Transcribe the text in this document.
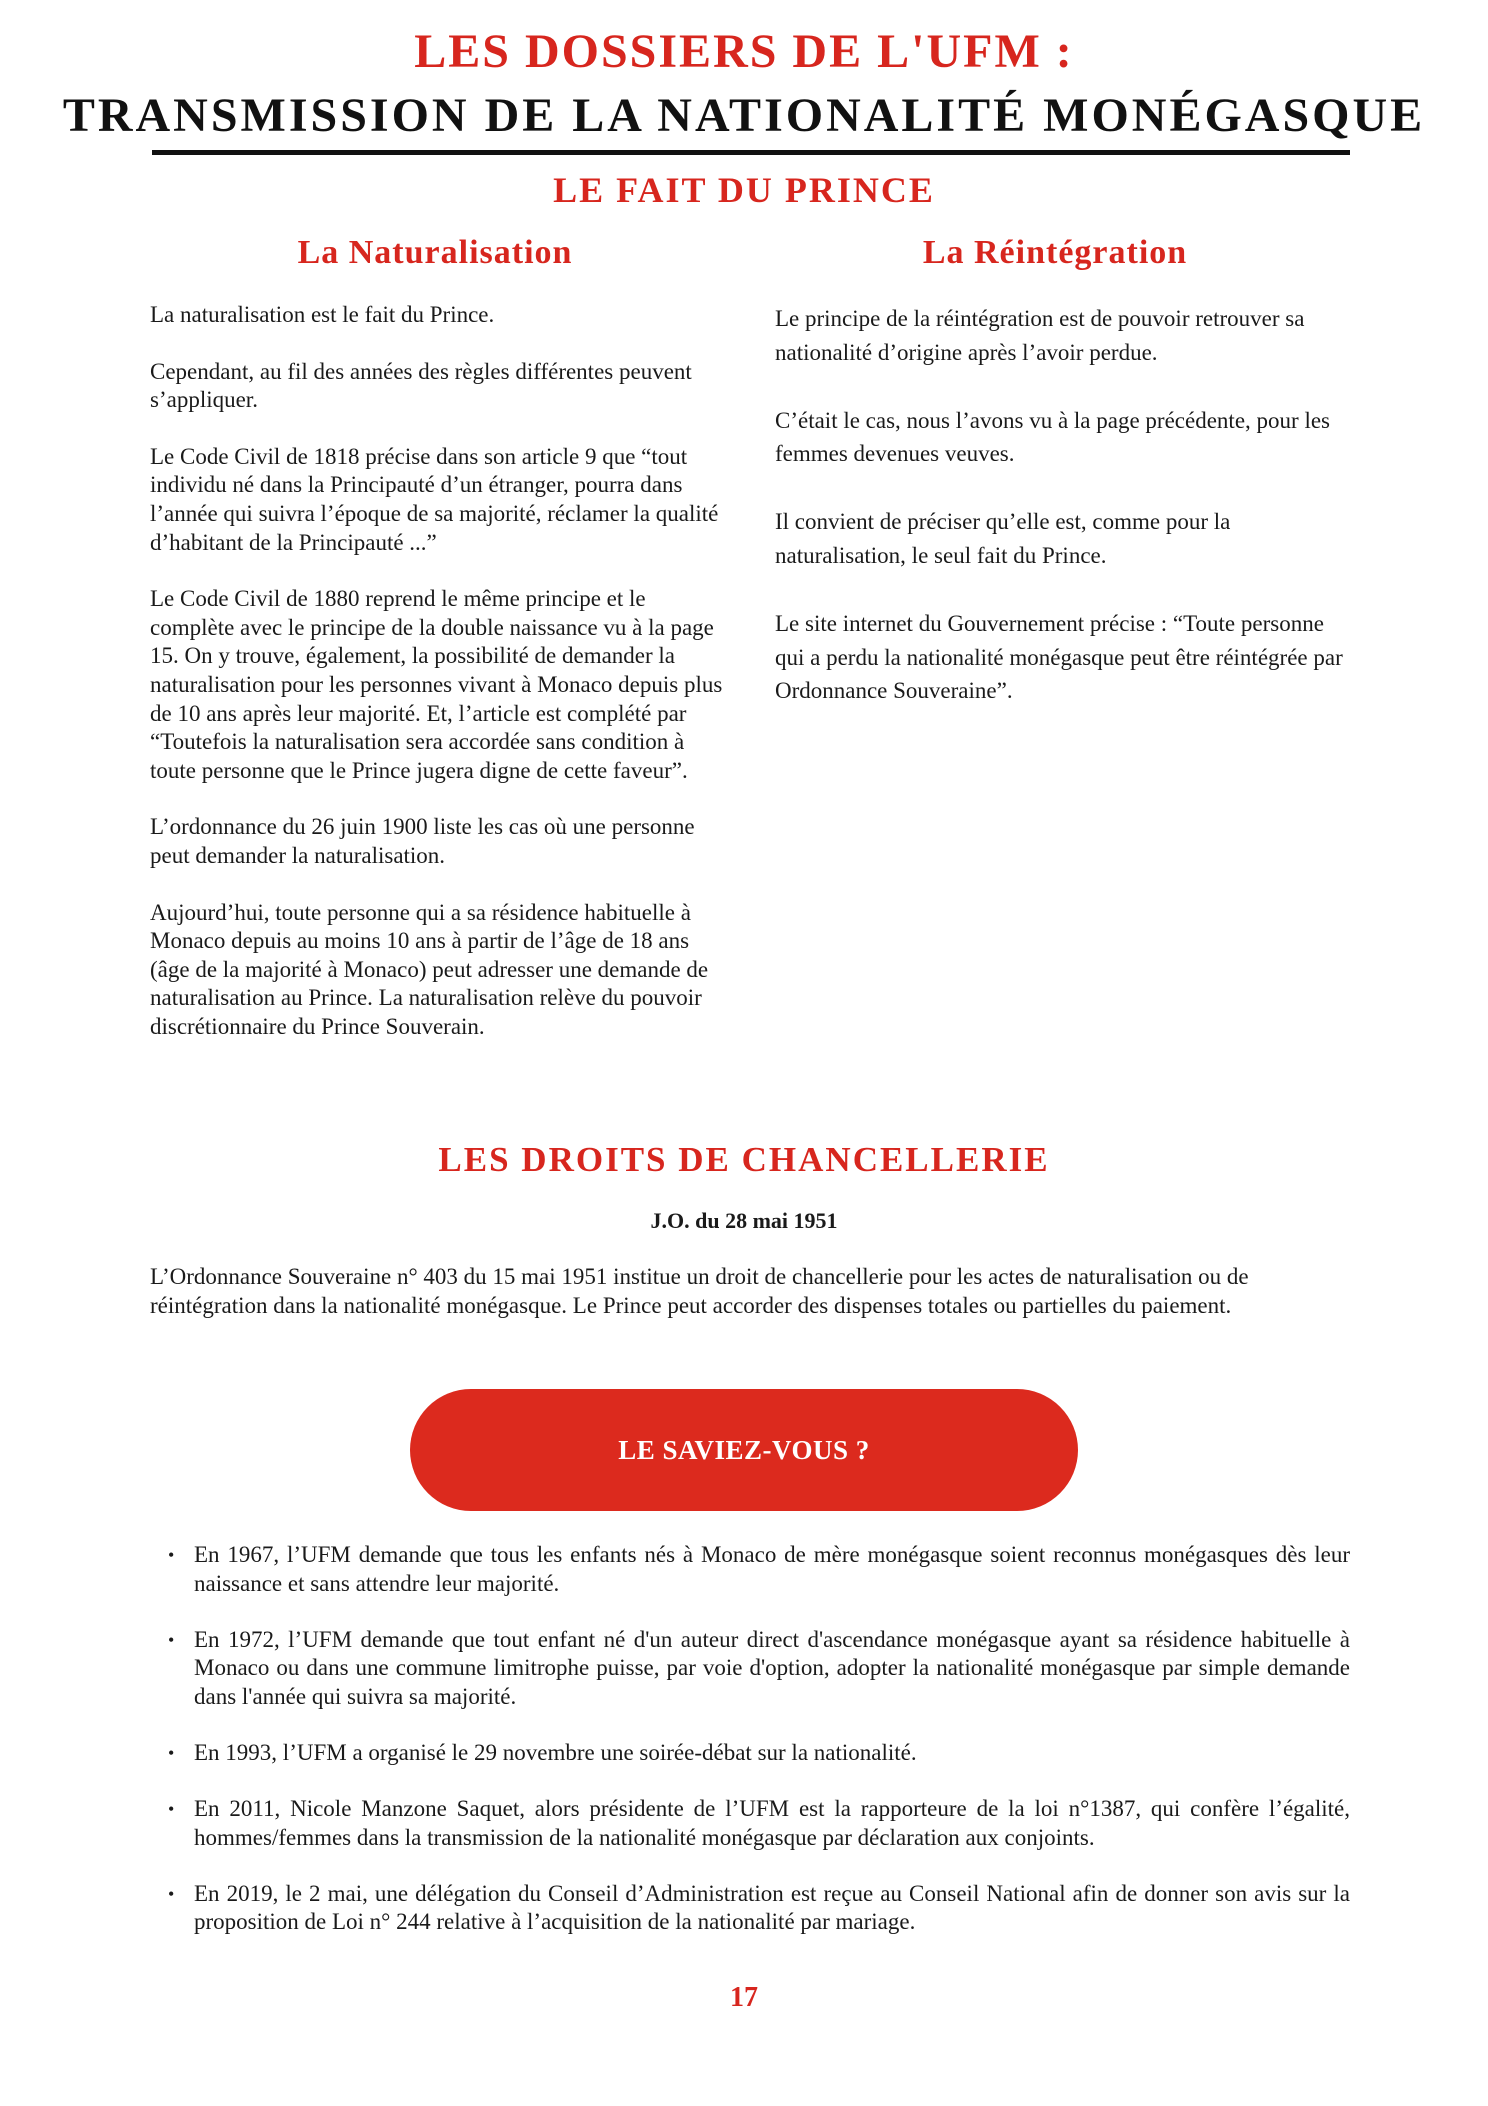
LES DOSSIERS DE L'UFM :
TRANSMISSION DE LA NATIONALITÉ MONÉGASQUE
LE FAIT DU PRINCE
La Naturalisation	La Réintégration

La naturalisation est le fait du Prince.

Cependant, au fil des années des règles différentes peuvent s’appliquer.

Le Code Civil de 1818 précise dans son article 9 que “tout individu né dans la Principauté d’un étranger, pourra dans l’année qui suivra l’époque de sa majorité, réclamer la qualité d’habitant de la Principauté ...”

Le Code Civil de 1880 reprend le même principe et le complète avec le principe de la double naissance vu à la page 15. On y trouve, également, la possibilité de demander la naturalisation pour les personnes vivant à Monaco depuis plus de 10 ans après leur majorité. Et, l’article est complété par “Toutefois la naturalisation sera accordée sans condition à toute personne que le Prince jugera digne de cette faveur”.

L’ordonnance du 26 juin 1900 liste les cas où une personne peut demander la naturalisation.

Aujourd’hui, toute personne qui a sa résidence habituelle à Monaco depuis au moins 10 ans à partir de l’âge de 18 ans (âge de la majorité à Monaco) peut adresser une demande de naturalisation au Prince. La naturalisation relève du pouvoir discrétionnaire du Prince Souverain.

Le principe de la réintégration est de pouvoir retrouver sa nationalité d’origine après l’avoir perdue.

C’était le cas, nous l’avons vu à la page précédente, pour les femmes devenues veuves.

Il convient de préciser qu’elle est, comme pour la naturalisation, le seul fait du Prince.

Le site internet du Gouvernement précise : “Toute personne qui a perdu la nationalité monégasque peut être réintégrée par Ordonnance Souveraine”.

LES DROITS DE CHANCELLERIE
J.O. du 28 mai 1951
L’Ordonnance Souveraine n° 403 du 15 mai 1951 institue un droit de chancellerie pour les actes de naturalisation ou de réintégration dans la nationalité monégasque. Le Prince peut accorder des dispenses totales ou partielles du paiement.
LE SAVIEZ-VOUS ?
• En 1967, l’UFM demande que tous les enfants nés à Monaco de mère monégasque soient reconnus monégasques dès leur naissance et sans attendre leur majorité.
• En 1972, l’UFM demande que tout enfant né d'un auteur direct d'ascendance monégasque ayant sa résidence habituelle à Monaco ou dans une commune limitrophe puisse, par voie d'option, adopter la nationalité monégasque par simple demande dans l'année qui suivra sa majorité.
• En 1993, l’UFM a organisé le 29 novembre une soirée-débat sur la nationalité.
• En 2011, Nicole Manzone Saquet, alors présidente de l’UFM est la rapporteure de la loi n°1387, qui confère l’égalité, hommes/femmes dans la transmission de la nationalité monégasque par déclaration aux conjoints.
• En 2019, le 2 mai, une délégation du Conseil d’Administration est reçue au Conseil National afin de donner son avis sur la proposition de Loi n° 244 relative à l’acquisition de la nationalité par mariage.
17
